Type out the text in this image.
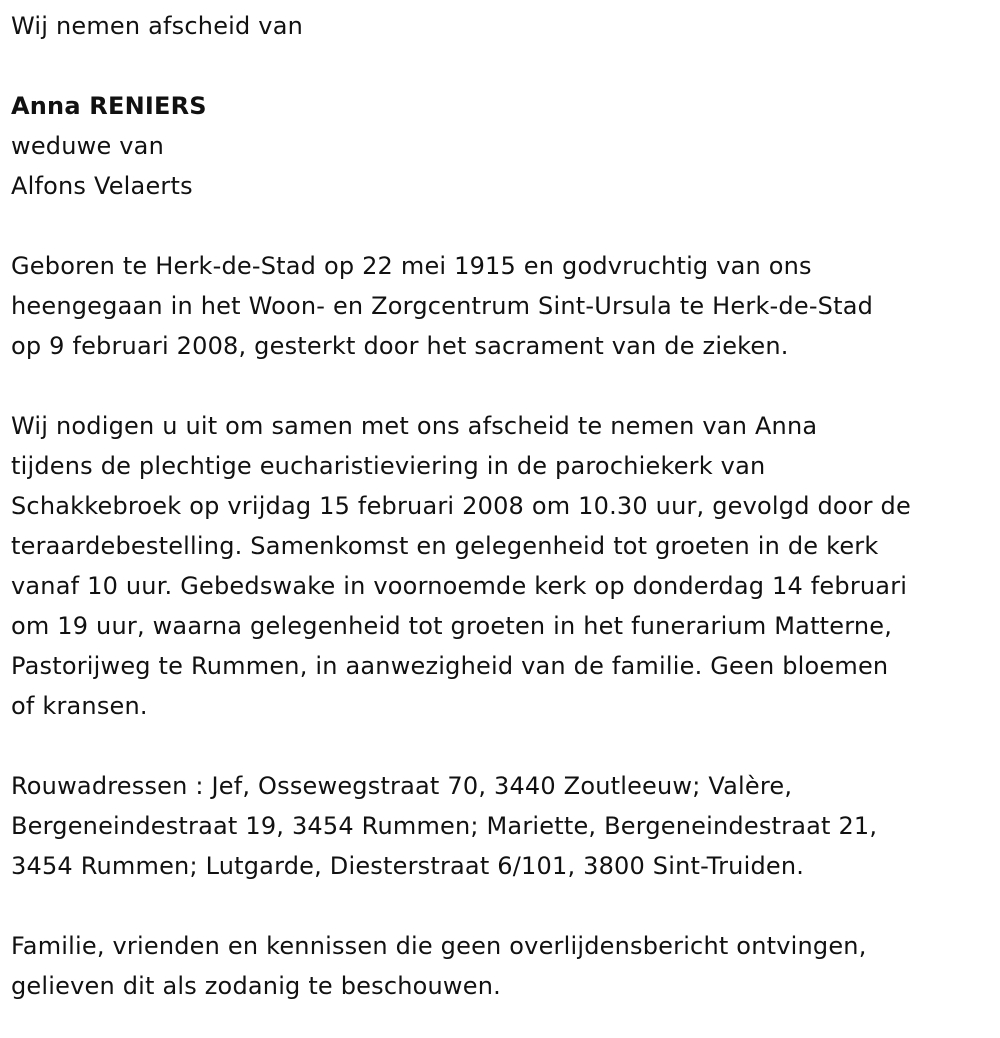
Wij nemen afscheid van
Anna RENIERS
weduwe van
Alfons Velaerts

Geboren te Herk-de-Stad op 22 mei 1915 en godvruchtig van ons

heengegaan in het Woon- en Zorgcentrum Sint-Ursula te Herk-de-Stad

op 9 februari 2008, gesterkt door het sacrament van de zieken.

Wij nodigen u uit om samen met ons afscheid te nemen van Anna

tijdens de plechtige eucharistieviering in de parochiekerk van

Schakkebroek op vrijdag 15 februari 2008 om 10.30 uur, gevolgd door de

teraardebestelling. Samenkomst en gelegenheid tot groeten in de kerk

vanaf 10 uur. Gebedswake in voornoemde kerk op donderdag 14 februari

om 19 uur, waarna gelegenheid tot groeten in het funerarium Matterne,

Pastorijweg te Rummen, in aanwezigheid van de familie. Geen bloemen

of kransen.

Rouwadressen : Jef, Ossewegstraat 70, 3440 Zoutleeuw; Valère,

Bergeneindestraat 19, 3454 Rummen; Mariette, Bergeneindestraat 21,

3454 Rummen; Lutgarde, Diesterstraat 6/101, 3800 Sint-Truiden.

Familie, vrienden en kennissen die geen overlijdensbericht ontvingen,

gelieven dit als zodanig te beschouwen.
